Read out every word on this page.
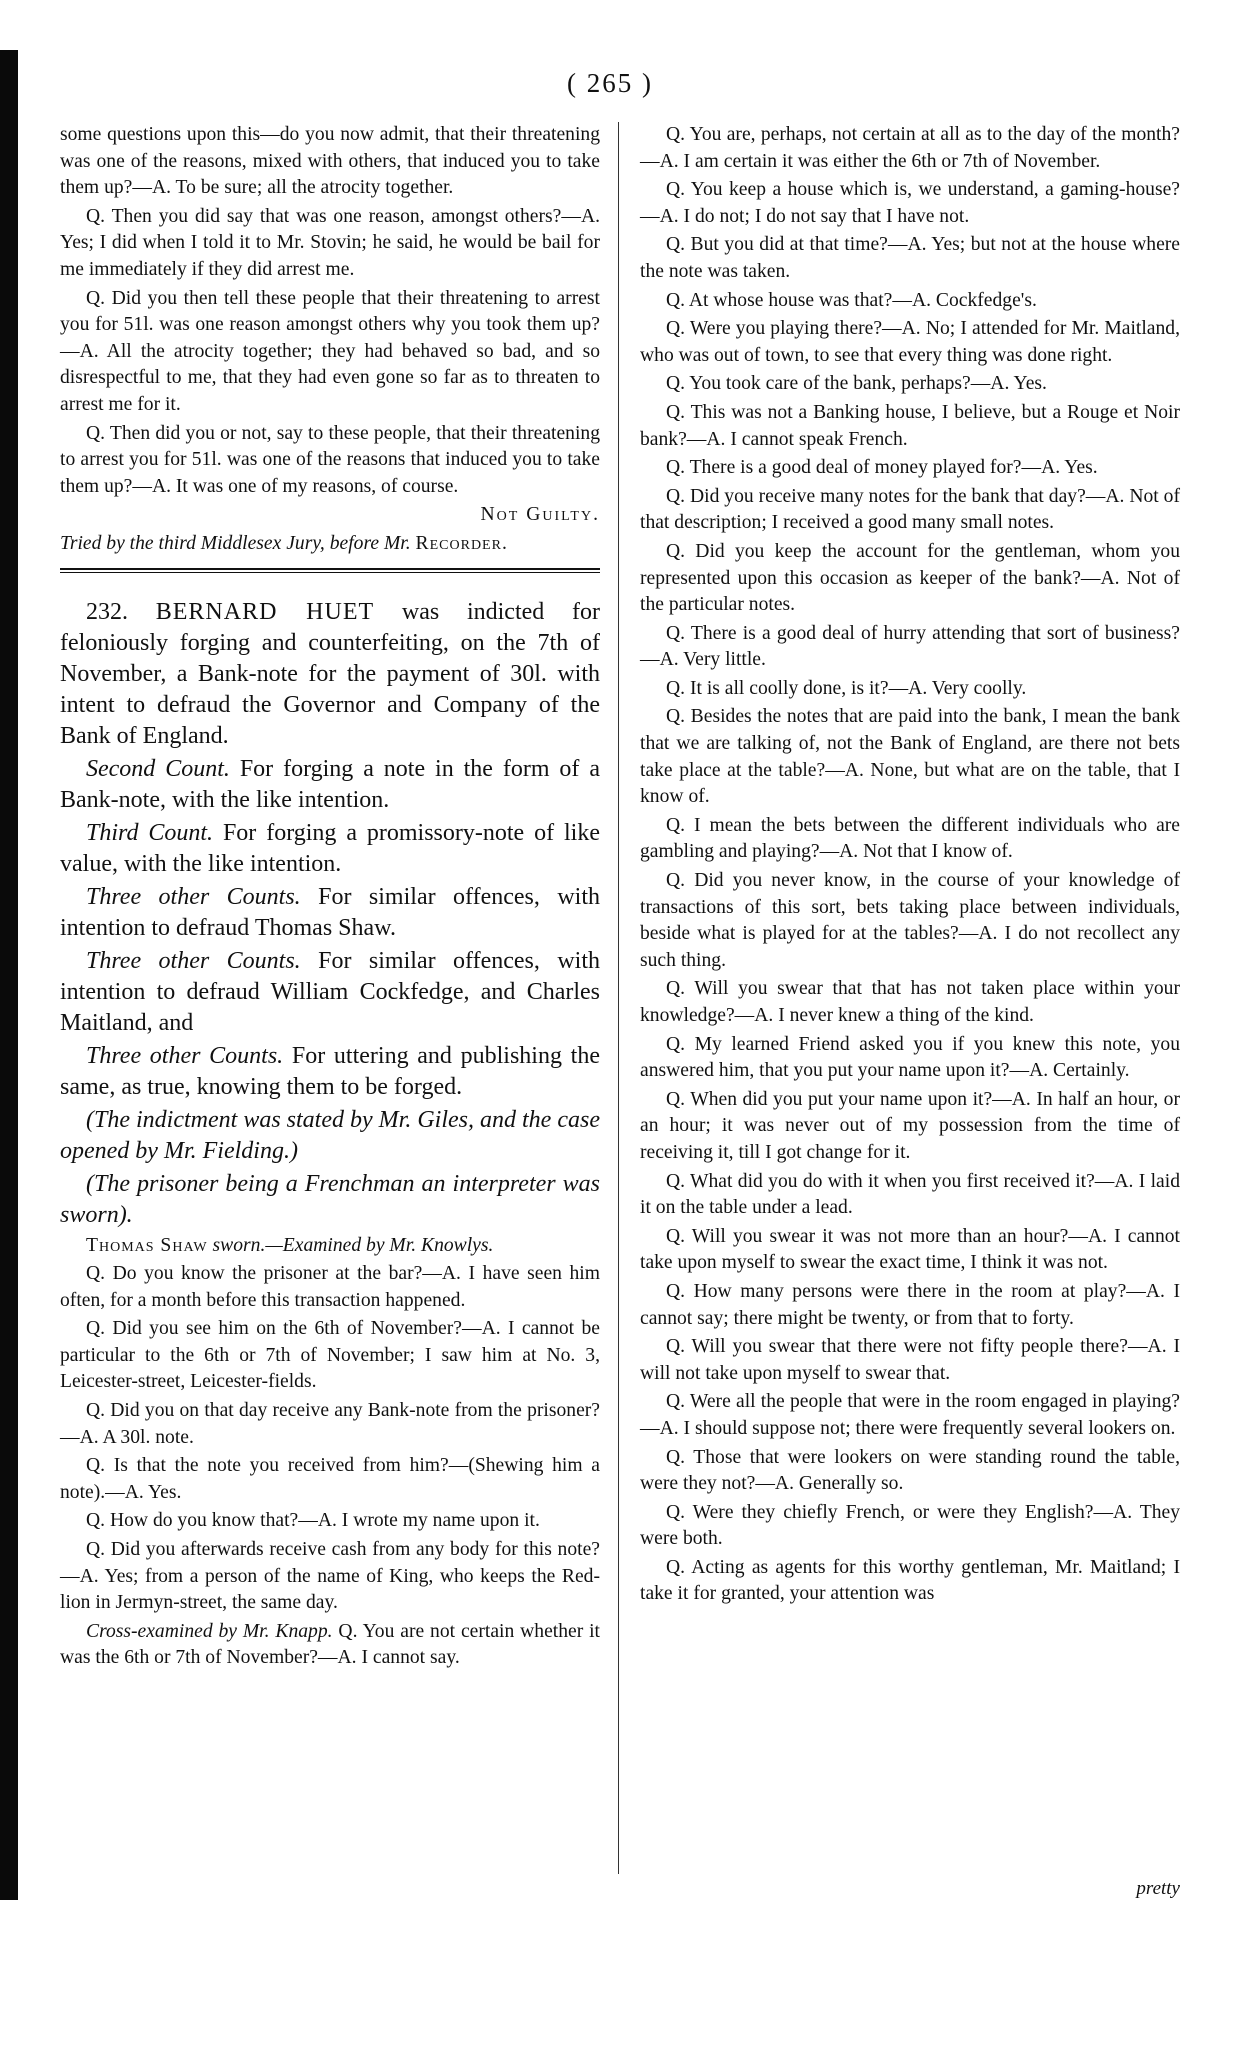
( 265 )

some questions upon this—do you now admit, that their threatening was one of the reasons, mixed with others, that induced you to take them up?—A. To be sure; all the atrocity together.

Q. Then you did say that was one reason, amongst others?—A. Yes; I did when I told it to Mr. Stovin; he said, he would be bail for me immediately if they did arrest me.

Q. Did you then tell these people that their threatening to arrest you for 51l. was one reason amongst others why you took them up?—A. All the atrocity together; they had behaved so bad, and so disrespectful to me, that they had even gone so far as to threaten to arrest me for it.

Q. Then did you or not, say to these people, that their threatening to arrest you for 51l. was one of the reasons that induced you to take them up?—A. It was one of my reasons, of course.

Not Guilty.

Tried by the third Middlesex Jury, before Mr. Recorder.

232. BERNARD HUET was indicted for feloniously forging and counterfeiting, on the 7th of November, a Bank-note for the payment of 30l. with intent to defraud the Governor and Company of the Bank of England.

Second Count. For forging a note in the form of a Bank-note, with the like intention.

Third Count. For forging a promissory-note of like value, with the like intention.

Three other Counts. For similar offences, with intention to defraud Thomas Shaw.

Three other Counts. For similar offences, with intention to defraud William Cockfedge, and Charles Maitland, and

Three other Counts. For uttering and publishing the same, as true, knowing them to be forged.

(The indictment was stated by Mr. Giles, and the case opened by Mr. Fielding.)

(The prisoner being a Frenchman an interpreter was sworn).

Thomas Shaw sworn.—Examined by Mr. Knowlys.

Q. Do you know the prisoner at the bar?—A. I have seen him often, for a month before this transaction happened.

Q. Did you see him on the 6th of November?—A. I cannot be particular to the 6th or 7th of November; I saw him at No. 3, Leicester-street, Leicester-fields.

Q. Did you on that day receive any Bank-note from the prisoner?—A. A 30l. note.

Q. Is that the note you received from him?—(Shewing him a note).—A. Yes.

Q. How do you know that?—A. I wrote my name upon it.

Q. Did you afterwards receive cash from any body for this note?—A. Yes; from a person of the name of King, who keeps the Red-lion in Jermyn-street, the same day.

Cross-examined by Mr. Knapp. Q. You are not certain whether it was the 6th or 7th of November?—A. I cannot say.

Q. You are, perhaps, not certain at all as to the day of the month?—A. I am certain it was either the 6th or 7th of November.

Q. You keep a house which is, we understand, a gaming-house?—A. I do not; I do not say that I have not.

Q. But you did at that time?—A. Yes; but not at the house where the note was taken.

Q. At whose house was that?—A. Cockfedge's.

Q. Were you playing there?—A. No; I attended for Mr. Maitland, who was out of town, to see that every thing was done right.

Q. You took care of the bank, perhaps?—A. Yes.

Q. This was not a Banking house, I believe, but a Rouge et Noir bank?—A. I cannot speak French.

Q. There is a good deal of money played for?—A. Yes.

Q. Did you receive many notes for the bank that day?—A. Not of that description; I received a good many small notes.

Q. Did you keep the account for the gentleman, whom you represented upon this occasion as keeper of the bank?—A. Not of the particular notes.

Q. There is a good deal of hurry attending that sort of business?—A. Very little.

Q. It is all coolly done, is it?—A. Very coolly.

Q. Besides the notes that are paid into the bank, I mean the bank that we are talking of, not the Bank of England, are there not bets take place at the table?—A. None, but what are on the table, that I know of.

Q. I mean the bets between the different individuals who are gambling and playing?—A. Not that I know of.

Q. Did you never know, in the course of your knowledge of transactions of this sort, bets taking place between individuals, beside what is played for at the tables?—A. I do not recollect any such thing.

Q. Will you swear that that has not taken place within your knowledge?—A. I never knew a thing of the kind.

Q. My learned Friend asked you if you knew this note, you answered him, that you put your name upon it?—A. Certainly.

Q. When did you put your name upon it?—A. In half an hour, or an hour; it was never out of my possession from the time of receiving it, till I got change for it.

Q. What did you do with it when you first received it?—A. I laid it on the table under a lead.

Q. Will you swear it was not more than an hour?—A. I cannot take upon myself to swear the exact time, I think it was not.

Q. How many persons were there in the room at play?—A. I cannot say; there might be twenty, or from that to forty.

Q. Will you swear that there were not fifty people there?—A. I will not take upon myself to swear that.

Q. Were all the people that were in the room engaged in playing?—A. I should suppose not; there were frequently several lookers on.

Q. Those that were lookers on were standing round the table, were they not?—A. Generally so.

Q. Were they chiefly French, or were they English?—A. They were both.

Q. Acting as agents for this worthy gentleman, Mr. Maitland; I take it for granted, your attention was

pretty
